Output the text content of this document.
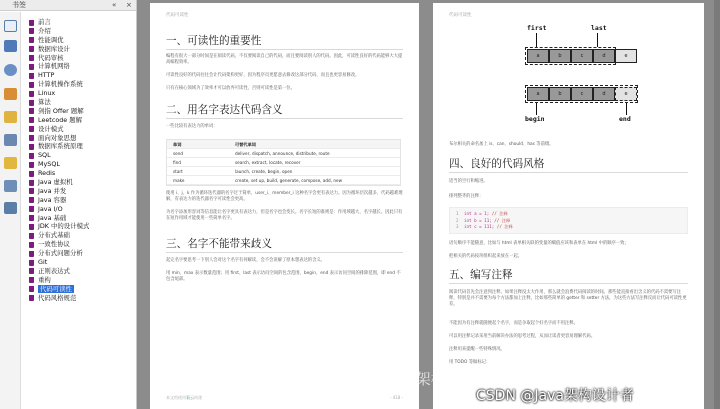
书签	« ×
前言
介绍
性能调优
数据库设计
代码审核
计算机网络
HTTP
计算机操作系统
Linux
算法
剑指 Offer 题解
Leetcode 题解
设计模式
面向对象思想
数据库系统原理
SQL
MySQL
Redis
Java 虚拟机
Java 并发
Java 容器
Java I/O
Java 基础
JDK 中的设计模式
分布式基础
一致性协议
分布式问题分析
Git
正则表达式
重构
代码可读性
代码风格规范
代码可读性
一、可读性的重要性
编程有很大一部分时间是在阅读代码，不仅要阅读自己的代码，而且要阅读别人的代码。因此，可读性良好的代码能够大大提高编程效率。
可读性良好的代码往往会让代码架构更好，因为程序员更愿意去修改这部分代码，而且也更容易修改。
只有在核心领域为了效率才可以放弃可读性，否则可读性是第一位。
二、用名字表达代码含义
一些比较有表达力的单词：
单词	可替代单词
send	deliver, dispatch, announce, distribute, route
find	search, extract, locate, recover
start	launch, create, begin, open
make	create, set up, build, generate, compose, add, new
使用 i、j、k 作为循环迭代器的名字过于简单，user_i、member_i 这种名字会更有表达力。因为循环层次越多，代码越难理解，有表达力的迭代器名字可读性会更高。
为名字添加形容词等信息能让名字更具有表达力，但是名字也会变长。名字长短的准则是：作用域越大，名字越长。因此只有在短作用域才能使用一些简单名字。
三、名字不能带来歧义
起完名字要思考一下别人会对这个名字有何解读，会不会误解了原本想表达的含义。
用 min、max 表示数量范围；用 first、last 表示访问空间的包含范围，begin、end 表示访问空间的排除范围，即 end 不包含尾部。
本文档使用看云构建	- 418 -
代码可读性
first	last
a	b	c	d	e
a	b	c	d	e
begin	end
布尔相关的命名加上 is、can、should、has 等前缀。
四、良好的代码风格
适当的空行和缩进。
排列整齐的注释：
1 int a = 1; // 注释
2 int b = 11; // 注释
3 int c = 111; // 注释
语句顺序不能随意，比如与 html 表单相关联的变量的赋值应该和表单在 html 中的顺序一致；
把相关的代码按块组织起来放在一起。
五、编写注释
阅读代码首先会注意到注释，如果注释没太大作用，那么就会浪费代码阅读的时间。那些能直接看出含义的代码不需要写注释，特别是并不需要为每个方法都加上注释，比如那些简单的 getter 和 setter 方法，为这些方法写注释反而让代码可读性更差。
不能因为有注释就随便起个名字，而是争取起个好名字而不用注释。
可以用注释记录采用当前解决办法的思考过程，从而让读者更容易理解代码。
注释用来提醒一些特殊情况。
用 TODO 等做标记：
知乎 @JAVA架构师小乐
CSDN @Java架构设计者
